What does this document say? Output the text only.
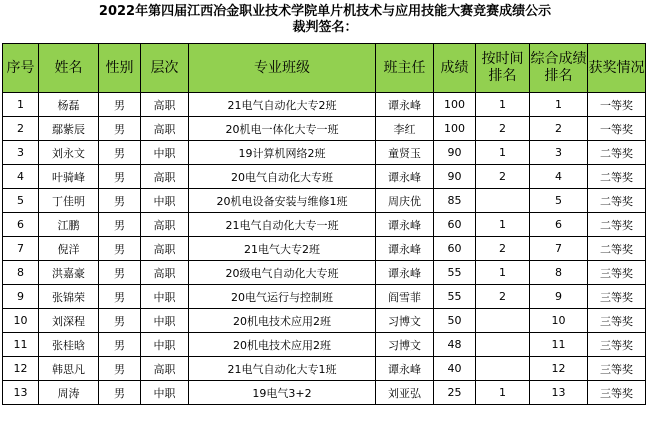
2022年第四届江西冶金职业技术学院单片机技术与应用技能大赛竞赛成绩公示
裁判签名：
序号	姓名	性别	层次	专业班级	班主任	成绩	按时间排名	综合成绩排名	获奖情况
1	杨磊	男	高职	21电气自动化大专2班	谭永峰	100	1	1	一等奖
2	鄢紫辰	男	高职	20机电一体化大专一班	李红	100	2	2	一等奖
3	刘永文	男	中职	19计算机网络2班	童贤玉	90	1	3	二等奖
4	叶骑峰	男	高职	20电气自动化大专班	谭永峰	90	2	4	二等奖
5	丁佳明	男	中职	20机电设备安装与维修1班	周庆优	85		5	二等奖
6	江鹏	男	高职	21电气自动化大专一班	谭永峰	60	1	6	二等奖
7	倪洋	男	高职	21电气大专2班	谭永峰	60	2	7	二等奖
8	洪嘉豪	男	高职	20级电气自动化大专班	谭永峰	55	1	8	三等奖
9	张锦荣	男	中职	20电气运行与控制班	阎雪菲	55	2	9	三等奖
10	刘深程	男	中职	20机电技术应用2班	习博文	50		10	三等奖
11	张桂晗	男	中职	20机电技术应用2班	习博文	48		11	三等奖
12	韩思凡	男	高职	21电气自动化大专1班	谭永峰	40		12	三等奖
13	周涛	男	中职	19电气3+2	刘亚弘	25	1	13	三等奖
